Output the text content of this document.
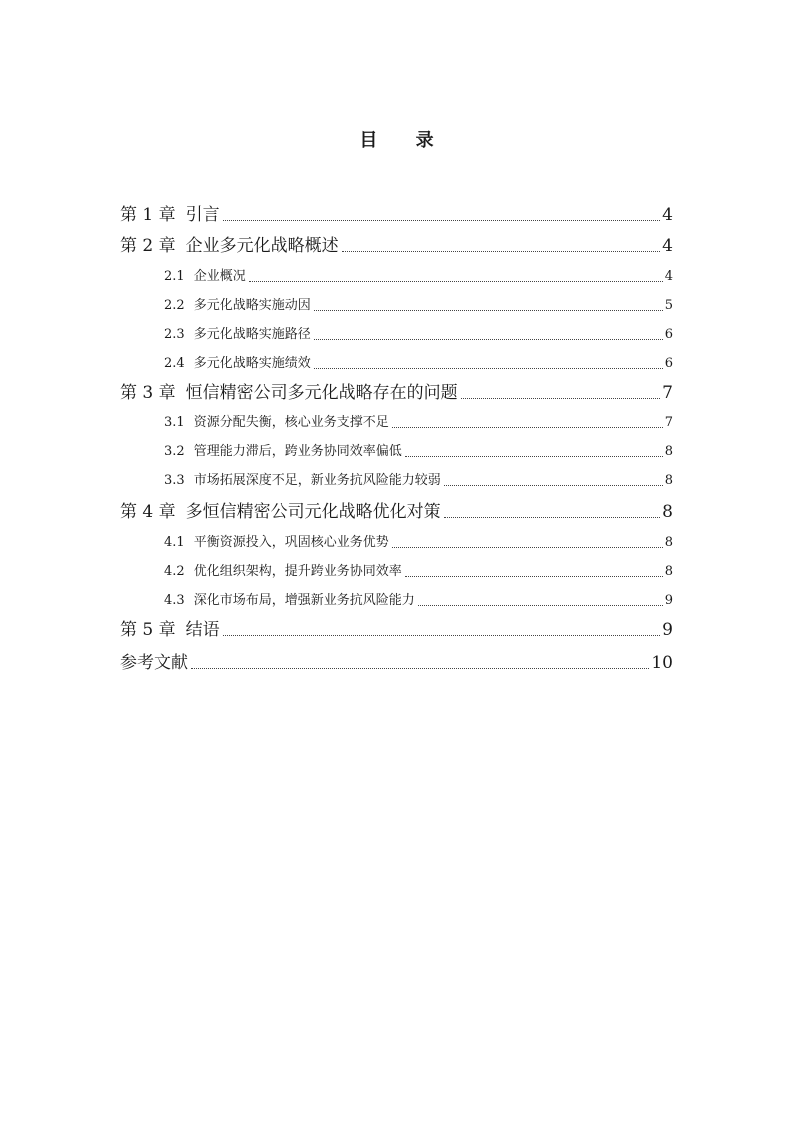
目 录
第 1 章 引言	4
第 2 章 企业多元化战略概述	4
2.1 企业概况	4
2.2 多元化战略实施动因	5
2.3 多元化战略实施路径	6
2.4 多元化战略实施绩效	6
第 3 章 恒信精密公司多元化战略存在的问题	7
3.1 资源分配失衡，核心业务支撑不足	7
3.2 管理能力滞后，跨业务协同效率偏低	8
3.3 市场拓展深度不足，新业务抗风险能力较弱	8
第 4 章 多恒信精密公司元化战略优化对策	8
4.1 平衡资源投入，巩固核心业务优势	8
4.2 优化组织架构，提升跨业务协同效率	8
4.3 深化市场布局，增强新业务抗风险能力	9
第 5 章 结语	9
参考文献	10
